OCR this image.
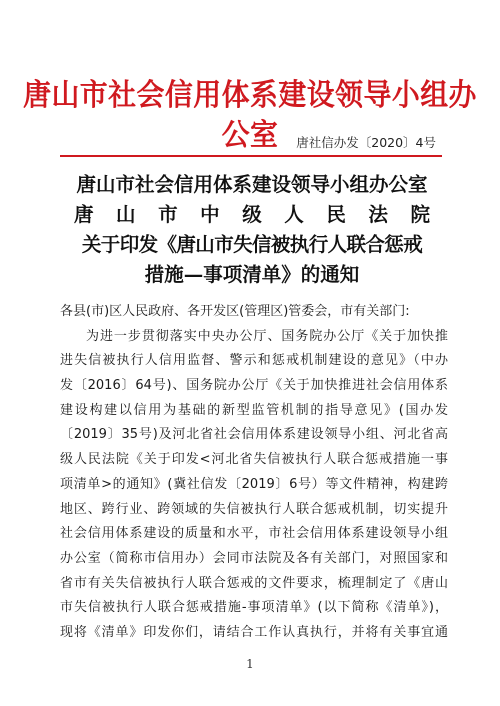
唐山市社会信用体系建设领导小组办公室	唐社信办发〔2020〕4号
唐山市社会信用体系建设领导小组办公室
唐山市中级人民法院
关于印发《唐山市失信被执行人联合惩戒
措施—事项清单》的通知
各县(市)区人民政府、各开发区(管理区)管委会，市有关部门:
为进一步贯彻落实中央办公厅、国务院办公厅《关于加快推
进失信被执行人信用监督、警示和惩戒机制建设的意见》（中办
发〔2016〕64号)、国务院办公厅《关于加快推进社会信用体系
建设构建以信用为基础的新型监管机制的指导意见》(国办发
〔2019〕35号)及河北省社会信用体系建设领导小组、河北省高
级人民法院《关于印发<河北省失信被执行人联合惩戒措施一事
项清单>的通知》(冀社信发〔2019〕6号）等文件精神，构建跨
地区、跨行业、跨领域的失信被执行人联合惩戒机制，切实提升
社会信用体系建设的质量和水平，市社会信用体系建设领导小组
办公室（简称市信用办）会同市法院及各有关部门，对照国家和
省市有关失信被执行人联合惩戒的文件要求，梳理制定了《唐山
市失信被执行人联合惩戒措施-事项清单》(以下简称《清单》)，
现将《清单》印发你们，请结合工作认真执行，并将有关事宜通
1
